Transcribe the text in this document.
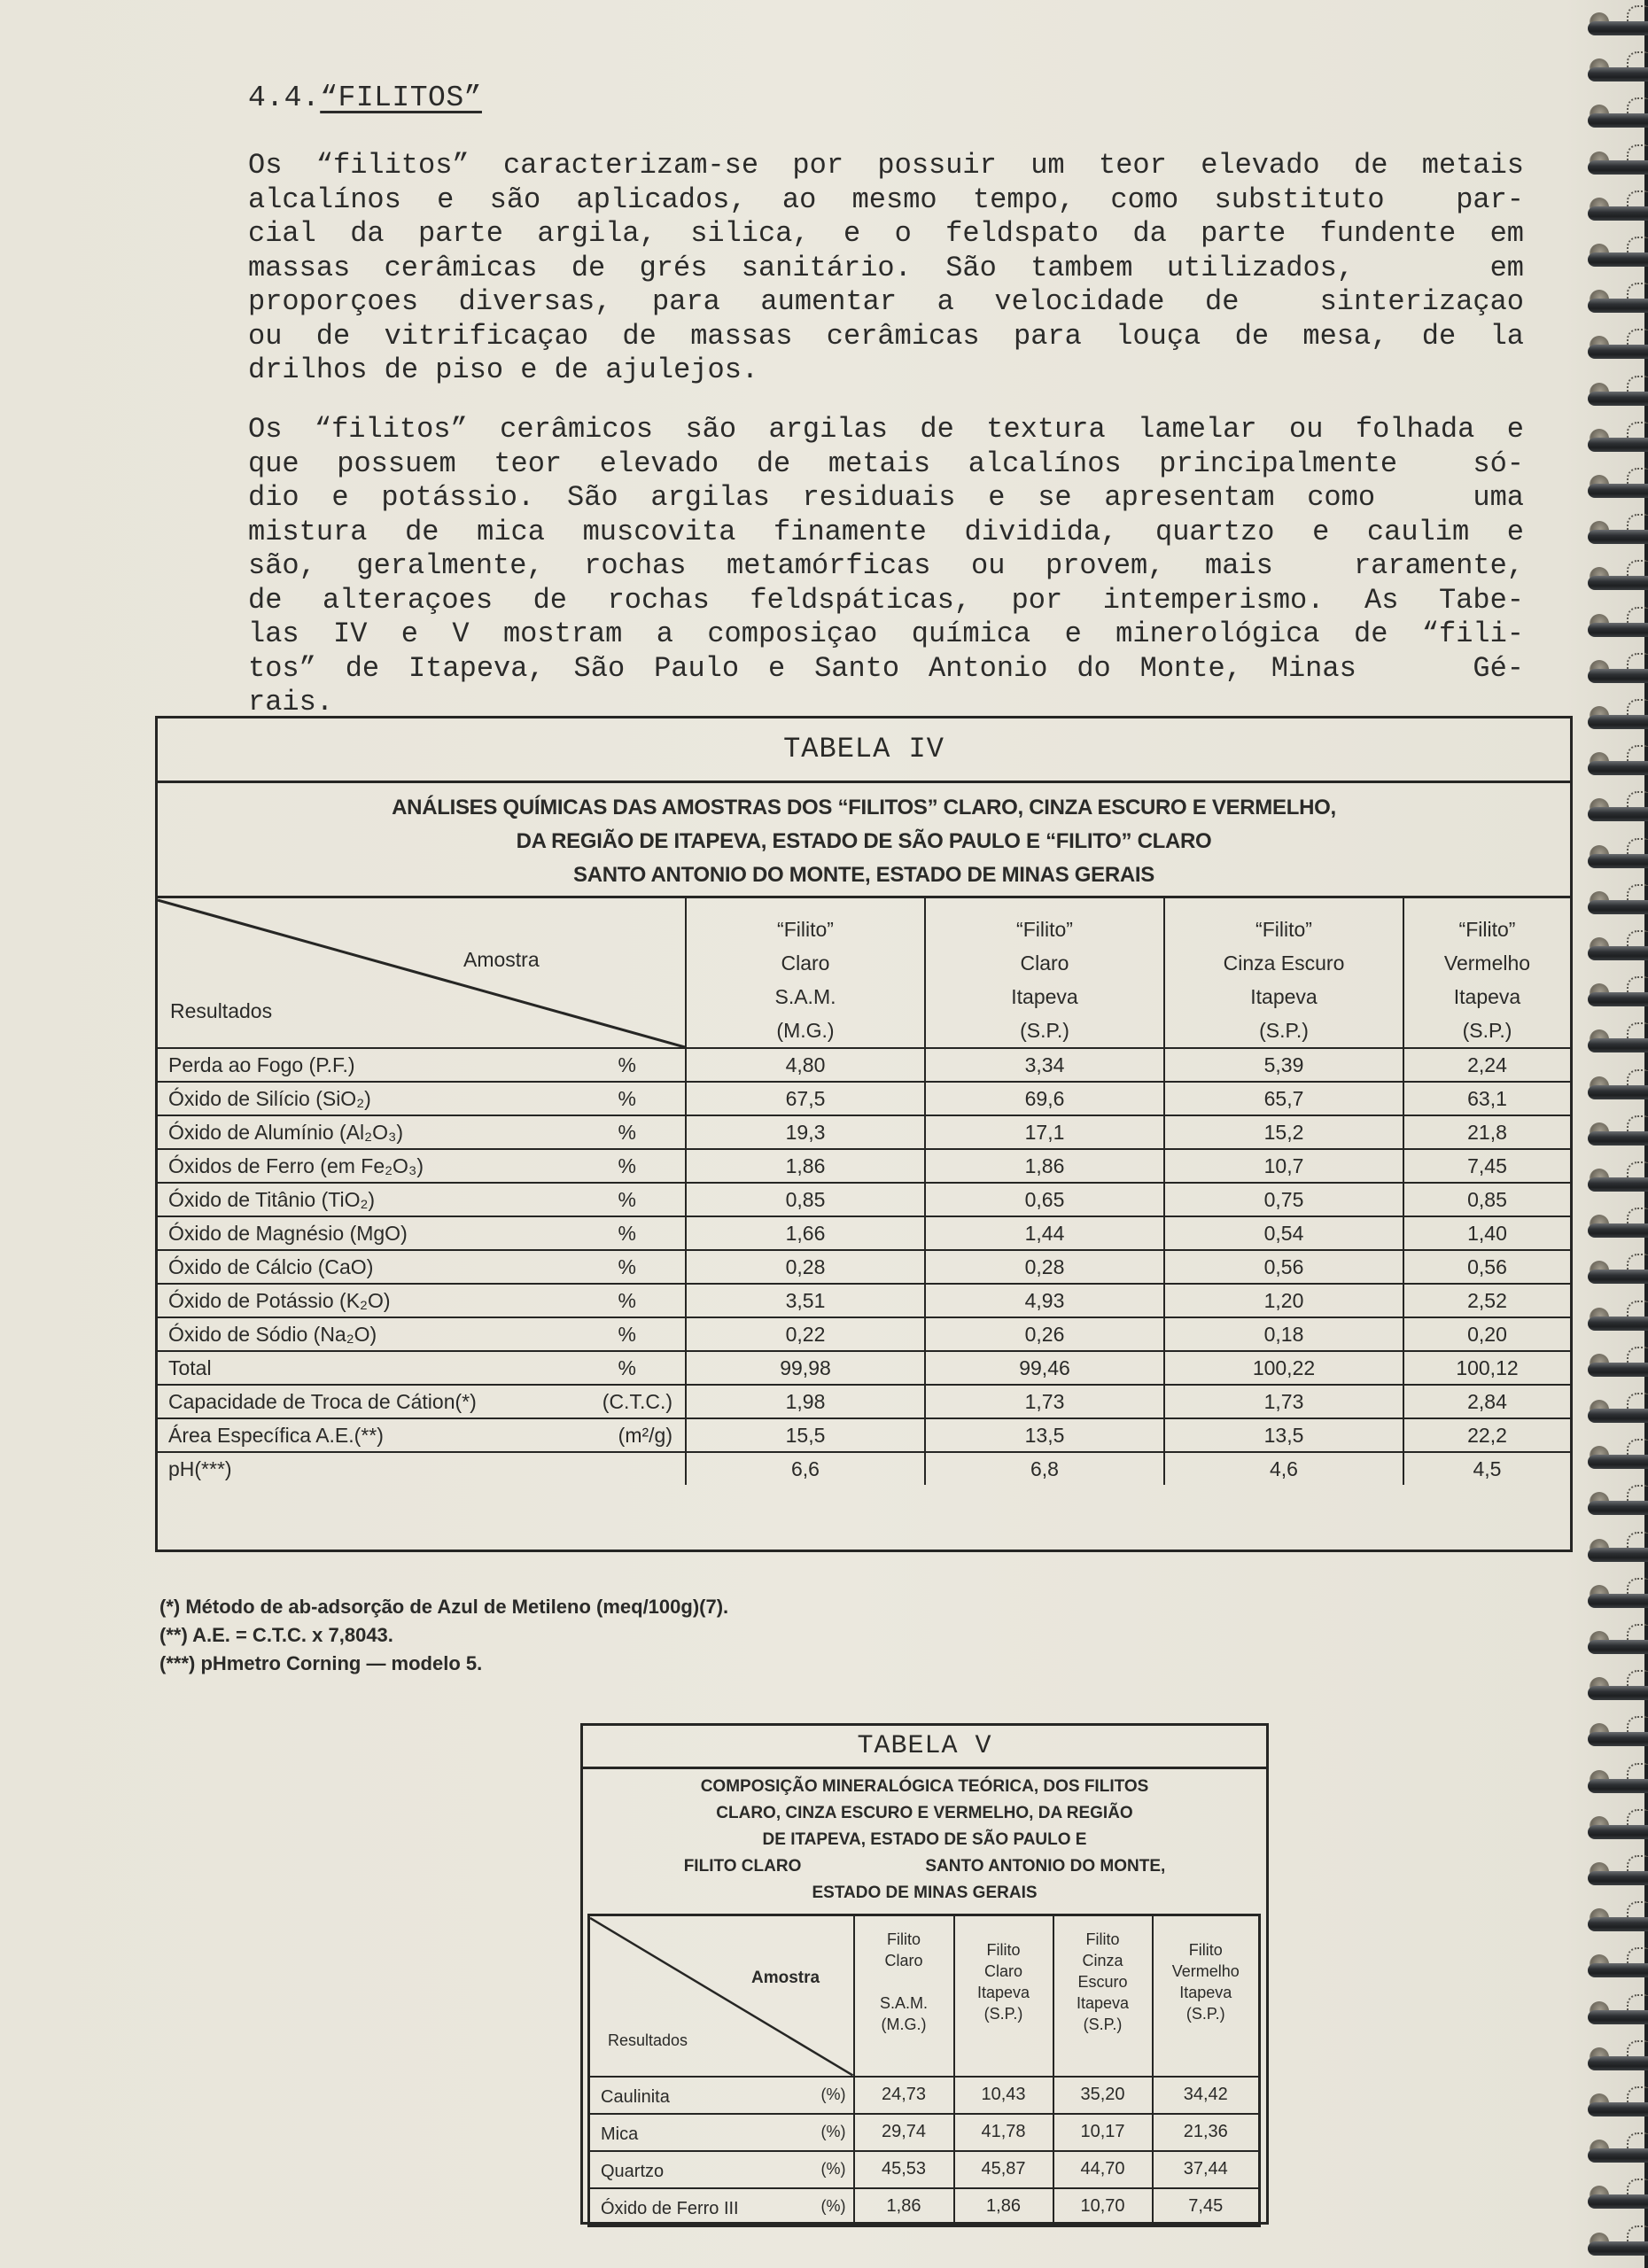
4.4.“FILITOS”
Os “filitos” caracterizam-se por possuir um teor elevado de metais
alcalínos e são aplicados, ao mesmo tempo, como substituto  par-
cial da parte argila, silica, e o feldspato da parte fundente em
massas cerâmicas de grés sanitário. São tambem utilizados,    em
proporçoes diversas, para aumentar a velocidade de  sinterizaçao
ou de vitrificaçao de massas cerâmicas para louça de mesa, de la
drilhos de piso e de ajulejos.
Os “filitos” cerâmicos são argilas de textura lamelar ou folhada e
que possuem teor elevado de metais alcalínos principalmente  só-
dio e potássio. São argilas residuais e se apresentam como   uma
mistura de mica muscovita finamente dividida, quartzo e caulim e
são, geralmente, rochas metamórficas ou provem, mais  raramente,
de alteraçoes de rochas feldspáticas, por intemperismo. As Tabe-
las IV e V mostram a composiçao química e minerológica de “fili-
tos” de Itapeva, São Paulo e Santo Antonio do Monte, Minas    Gé-
rais.
TABELA IV
ANÁLISES QUÍMICAS DAS AMOSTRAS DOS “FILITOS” CLARO, CINZA ESCURO E VERMELHO,
DA REGIÃO DE ITAPEVA, ESTADO DE SÃO PAULO E “FILITO” CLARO
SANTO ANTONIO DO MONTE, ESTADO DE MINAS GERAIS
Amostra
Resultados

“Filito”
Claro
S.A.M.
(M.G.)

“Filito”
Claro
Itapeva
(S.P.)

“Filito”
Cinza Escuro
Itapeva
(S.P.)

“Filito”
Vermelho
Itapeva
(S.P.)

Perda ao Fogo (P.F.)	%	4,80	3,34	5,39	2,24
Óxido de Silício (SiO₂)	%	67,5	69,6	65,7	63,1
Óxido de Alumínio (Al₂O₃)	%	19,3	17,1	15,2	21,8
Óxidos de Ferro (em Fe₂O₃)	%	1,86	1,86	10,7	7,45
Óxido de Titânio (TiO₂)	%	0,85	0,65	0,75	0,85
Óxido de Magnésio (MgO)	%	1,66	1,44	0,54	1,40
Óxido de Cálcio (CaO)	%	0,28	0,28	0,56	0,56
Óxido de Potássio (K₂O)	%	3,51	4,93	1,20	2,52
Óxido de Sódio (Na₂O)	%	0,22	0,26	0,18	0,20
Total	%	99,98	99,46	100,22	100,12
Capacidade de Troca de Cátion(*)	(C.T.C.)	1,98	1,73	1,73	2,84
Área Específica A.E.(**)	(m²/g)	15,5	13,5	13,5	22,2
pH(***)		6,6	6,8	4,6	4,5
(*) Método de ab-adsorção de Azul de Metileno (meq/100g)(7).
(**) A.E. = C.T.C. x 7,8043.
(***) pHmetro Corning — modelo 5.
TABELA V
COMPOSIÇÃO MINERALÓGICA TEÓRICA, DOS FILITOS
CLARO, CINZA ESCURO E VERMELHO, DA REGIÃO
DE ITAPEVA, ESTADO DE SÃO PAULO E
FILITO CLARO	SANTO ANTONIO DO MONTE,
ESTADO DE MINAS GERAIS
Amostra
Resultados

Filito
Claro
S.A.M.
(M.G.)

Filito
Claro
Itapeva
(S.P.)

Filito
Cinza
Escuro
Itapeva
(S.P.)

Filito
Vermelho
Itapeva
(S.P.)

Caulinita	(%)	24,73	10,43	35,20	34,42
Mica	(%)	29,74	41,78	10,17	21,36
Quartzo	(%)	45,53	45,87	44,70	37,44
Óxido de Ferro III	(%)	1,86	1,86	10,70	7,45
